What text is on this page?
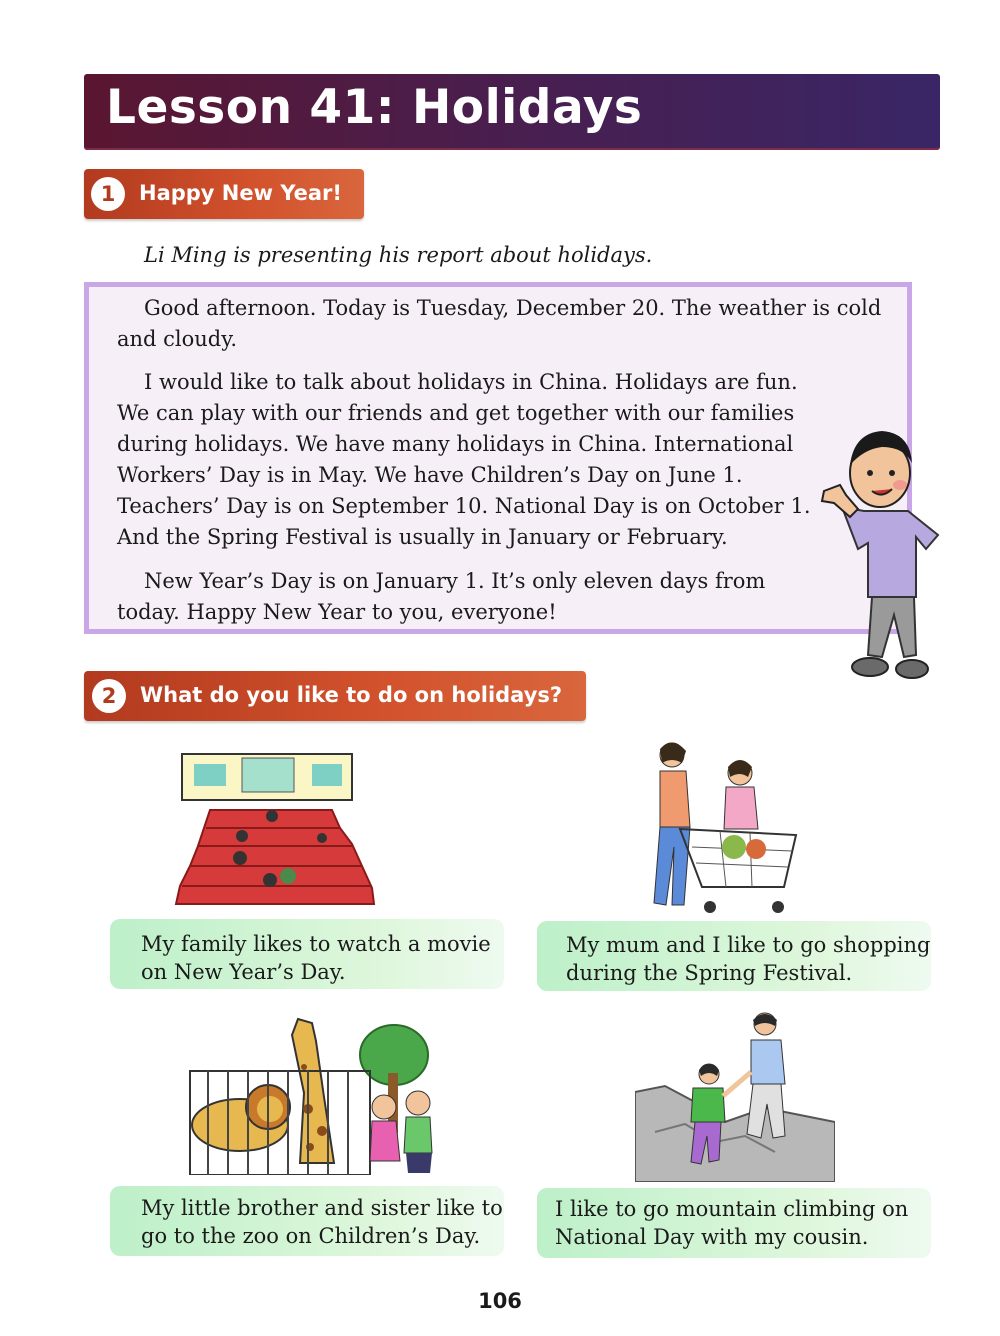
Lesson 41: Holidays
1	Happy New Year!
Li Ming is presenting his report about holidays.
Good afternoon. Today is Tuesday, December 20. The weather is cold
and cloudy.
I would like to talk about holidays in China. Holidays are fun.
We can play with our friends and get together with our families
during holidays. We have many holidays in China. International
Workers’ Day is in May. We have Children’s Day on June 1.
Teachers’ Day is on September 10. National Day is on October 1.
And the Spring Festival is usually in January or February.
New Year’s Day is on January 1. It’s only eleven days from
today. Happy New Year to you, everyone!
2	What do you like to do on holidays?
My family likes to watch a movie
on New Year’s Day.
My mum and I like to go shopping
during the Spring Festival.
My little brother and sister like to
go to the zoo on Children’s Day.
I like to go mountain climbing on
National Day with my cousin.
106
